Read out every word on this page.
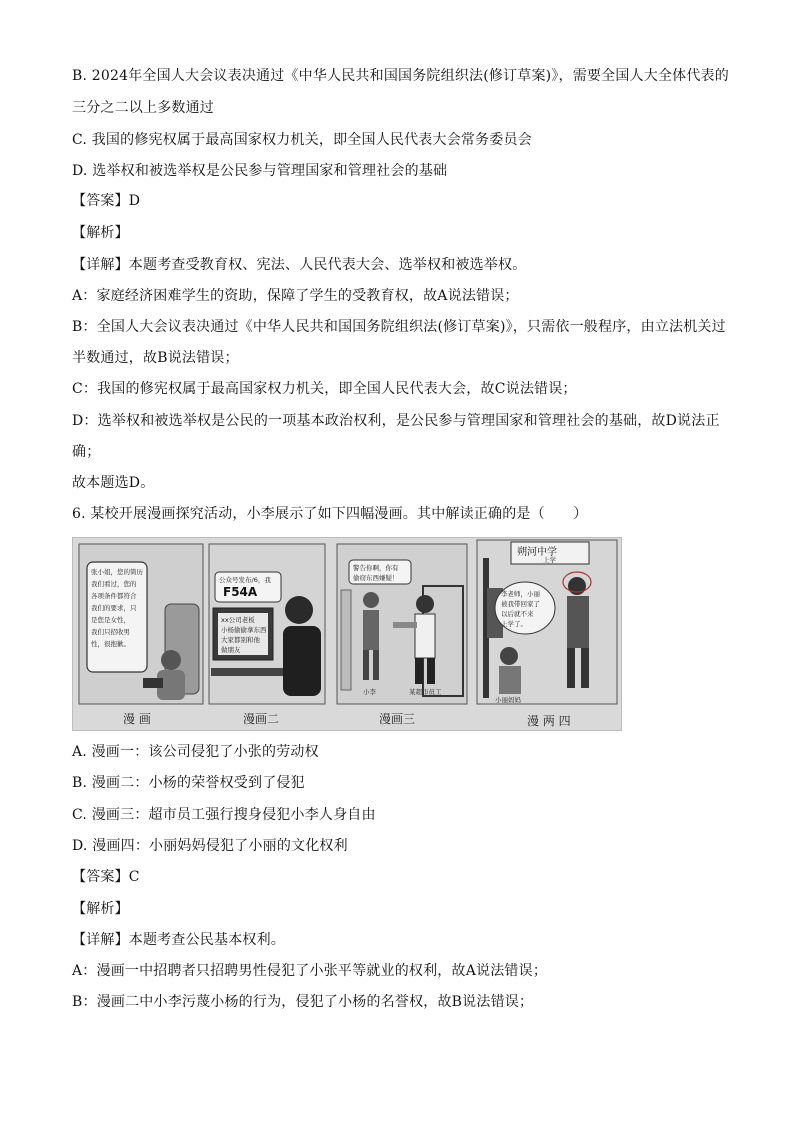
B. 2024年全国人大会议表决通过《中华人民共和国国务院组织法(修订草案)》，需要全国人大全体代表的
三分之二以上多数通过
C. 我国的修宪权属于最高国家权力机关，即全国人民代表大会常务委员会
D. 选举权和被选举权是公民参与管理国家和管理社会的基础
【答案】D
【解析】
【详解】本题考查受教育权、宪法、人民代表大会、选举权和被选举权。
A：家庭经济困难学生的资助，保障了学生的受教育权，故A说法错误；
B：全国人大会议表决通过《中华人民共和国国务院组织法(修订草案)》，只需依一般程序，由立法机关过
半数通过，故B说法错误；
C：我国的修宪权属于最高国家权力机关，即全国人民代表大会，故C说法错误；
D：选举权和被选举权是公民的一项基本政治权利，是公民参与管理国家和管理社会的基础，故D说法正
确；
故本题选D。
6. 某校开展漫画探究活动，小李展示了如下四幅漫画。其中解读正确的是（　　）
张小姐，您的简历
我们看过，您的
各项条件都符合
我们的要求，只
是您是女性，
我们只招收男
性，很抱歉。
公众号发布/6，我
F54A
xx公司老板
小杨偷偷拿东西
大家都别和他
做朋友
警告你啊，你有
偷窃东西嫌疑！
小李	某超市员工
朔河中学
上学
李老师，小丽
被我带回家了
以后就不来
上学了。
小丽妈妈
漫 画	漫画二	漫画三	漫 两 四
A. 漫画一：该公司侵犯了小张的劳动权
B. 漫画二：小杨的荣誉权受到了侵犯
C. 漫画三：超市员工强行搜身侵犯小李人身自由
D. 漫画四：小丽妈妈侵犯了小丽的文化权利
【答案】C
【解析】
【详解】本题考查公民基本权利。
A：漫画一中招聘者只招聘男性侵犯了小张平等就业的权利，故A说法错误；
B：漫画二中小李污蔑小杨的行为，侵犯了小杨的名誉权，故B说法错误；
